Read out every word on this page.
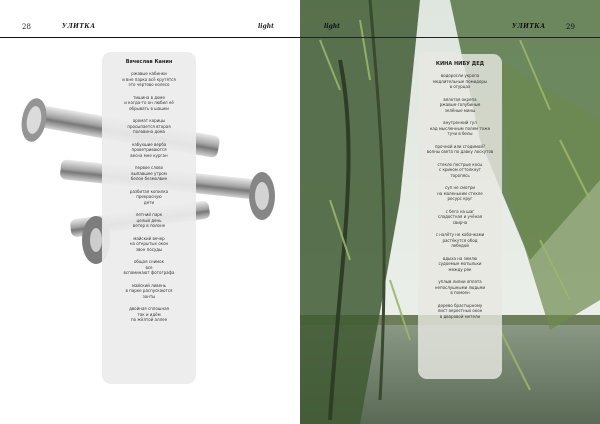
28	УЛИТКА	light
Вячеслав Канин
ржавые кабинки
и вне парка всё крутятся
это чертово колесо
тишина в доме
и когда-то он любил её
обрывать в шашки
аромат корицы
просыпается вторая
половина дома
набухшие верба
проветриваются
весна мне курган
первое слово
выпавшее утром
белое безмолвие
разбитая копилка
прекрасную
дети
летний парк
целый день
ветер в полоне
майский вечер
на открытых окон
звон посуды
общая снимок
все
вспоминают фотографа
майский ливень
в парке распускаются
зонты
двойная сплошная
так и идём
по жёлтой аллее
light	УЛИТКА	29
КИНА НИБУ ДЕД
водоросли укропа
медлительные помидоры
в огурцах
вялотая окрепа
ржавые-голубиные
зелёные мины
внутренний гул
над мысленным полем тоже
тучи в белы
прочной или сгодимой?
волны света по давку лоскутов
стекло пестрые косы
с криком оттолкнут
торопясь
суп не смотри
на маленьким стекле
ресурс круг
с бега на шаг
сладостная и учёная
свирча
с налёту не кабачками
растёкутся обод
лебедой
вдыха на землю
судоемые мотыльки
между рек
уплыв лилии оплата
непослушными людьми
в помоен
дерево брастырному
лист окрестных окон
в дворовой метели
